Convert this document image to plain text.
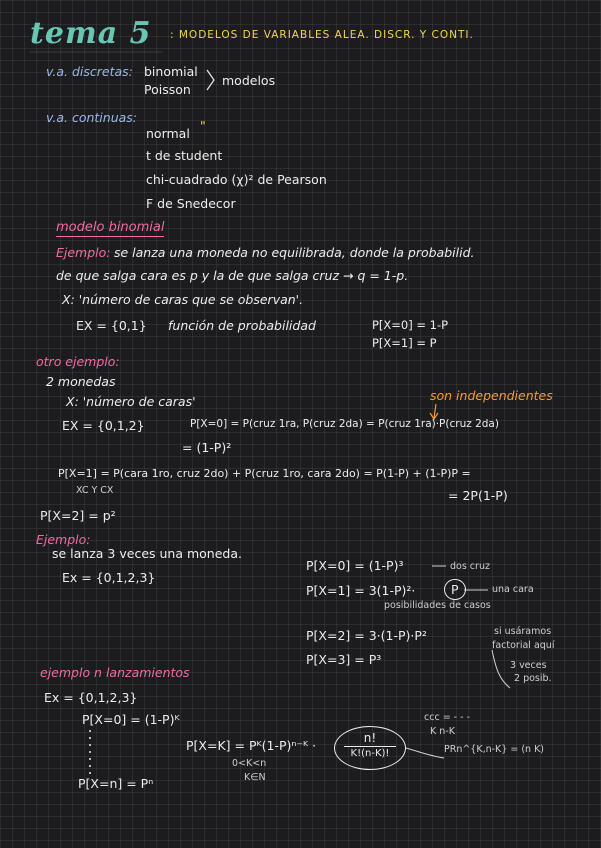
tema 5 : MODELOS DE VARIABLES ALEA. DISCR. Y CONTI.
v.a. discretas: binomial
Poisson
modelos
v.a. continuas:
normal
"
t de student
chi-cuadrado (χ)² de Pearson
F de Snedecor
modelo binomial
Ejemplo: se lanza una moneda no equilibrada, donde la probabilid.
de que salga cara es p y la de que salga cruz → q = 1-p.
X: 'número de caras que se observan'.
EX = {0,1} función de probabilidad	P[X=0] = 1-P
P[X=1] = P
otro ejemplo:
2 monedas
X: 'número de caras'	son independientes
EX = {0,1,2}	P[X=0] = P(cruz 1ra, P(cruz 2da) = P(cruz 1ra)·P(cruz 2da)
= (1-P)²
P[X=1] = P(cara 1ro, cruz 2do) + P(cruz 1ro, cara 2do) = P(1-P) + (1-P)P =
XC Y CX	= 2P(1-P)
P[X=2] = p²
Ejemplo:
se lanza 3 veces una moneda.
Ex = {0,1,2,3}
P[X=0] = (1-P)³	dos cruz
P[X=1] = 3(1-P)²·	P	una cara
posibilidades de casos
P[X=2] = 3·(1-P)·P²	si usáramos
factorial aquí
P[X=3] = P³	3 veces
2 posib.
ejemplo n lanzamientos
Ex = {0,1,2,3}
P[X=0] = (1-P)ᴷ
P[X=K] = Pᴷ(1-P)ⁿ⁻ᴷ ·	n!
K!(n-K)!
0<K<n
K∈N
P[X=n] = Pⁿ
ccc = - - -
K n-K
PRn^{K,n-K} = (n K)
